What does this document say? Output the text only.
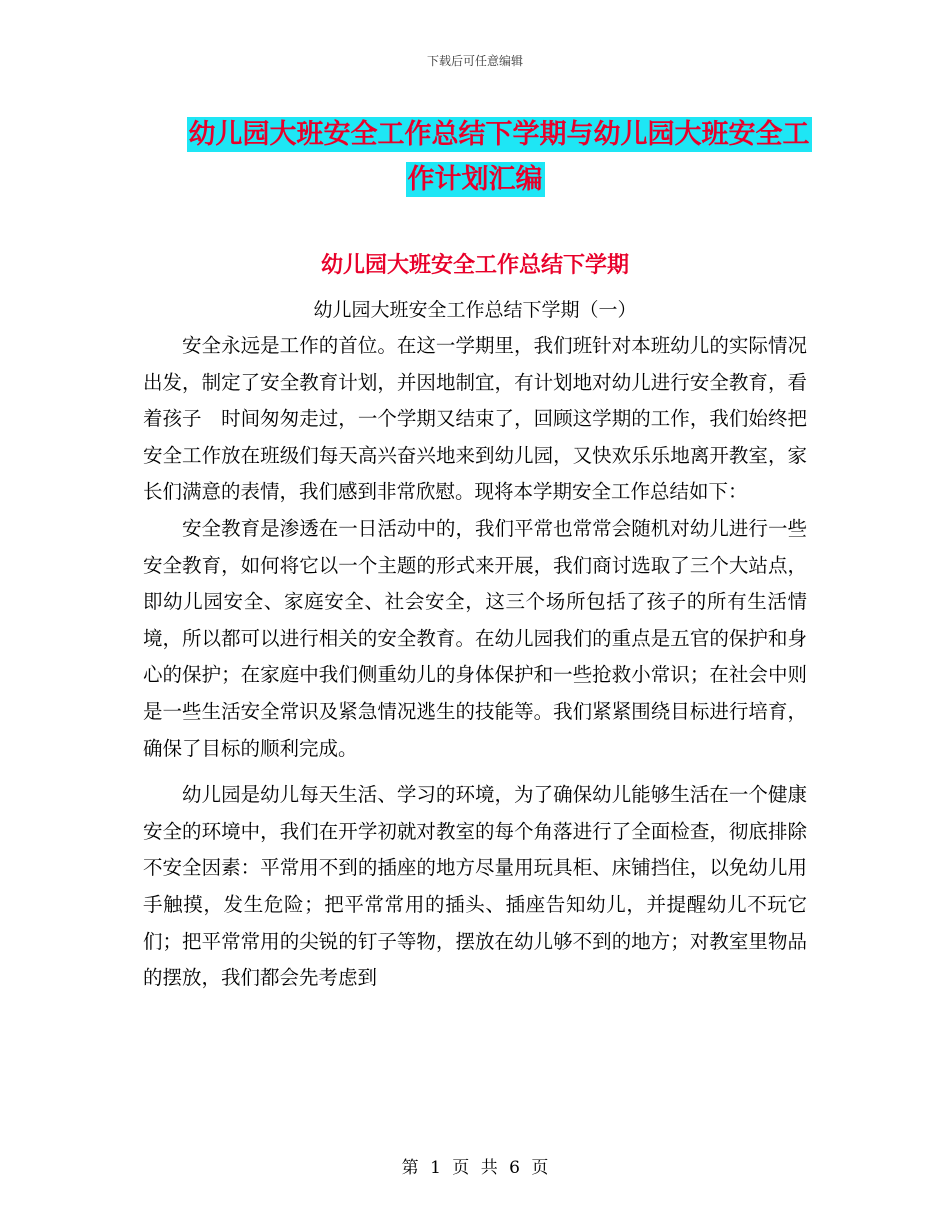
下载后可任意编辑
幼儿园大班安全工作总结下学期与幼儿园大班安全工
作计划汇编
幼儿园大班安全工作总结下学期
幼儿园大班安全工作总结下学期（一）

安全永远是工作的首位。在这一学期里，我们班针对本班幼儿的实际情况出发，制定了安全教育计划，并因地制宜，有计划地对幼儿进行安全教育，看着孩子　时间匆匆走过，一个学期又结束了，回顾这学期的工作，我们始终把安全工作放在班级们每天高兴奋兴地来到幼儿园，又快欢乐乐地离开教室，家长们满意的表情，我们感到非常欣慰。现将本学期安全工作总结如下：

安全教育是渗透在一日活动中的，我们平常也常常会随机对幼儿进行一些安全教育，如何将它以一个主题的形式来开展，我们商讨选取了三个大站点，即幼儿园安全、家庭安全、社会安全，这三个场所包括了孩子的所有生活情境，所以都可以进行相关的安全教育。在幼儿园我们的重点是五官的保护和身心的保护；在家庭中我们侧重幼儿的身体保护和一些抢救小常识；在社会中则是一些生活安全常识及紧急情况逃生的技能等。我们紧紧围绕目标进行培育，确保了目标的顺利完成。

幼儿园是幼儿每天生活、学习的环境，为了确保幼儿能够生活在一个健康安全的环境中，我们在开学初就对教室的每个角落进行了全面检查，彻底排除不安全因素：平常用不到的插座的地方尽量用玩具柜、床铺挡住，以免幼儿用手触摸，发生危险；把平常常用的插头、插座告知幼儿，并提醒幼儿不玩它们；把平常常用的尖锐的钉子等物，摆放在幼儿够不到的地方；对教室里物品的摆放，我们都会先考虑到

第 1 页 共 6 页
